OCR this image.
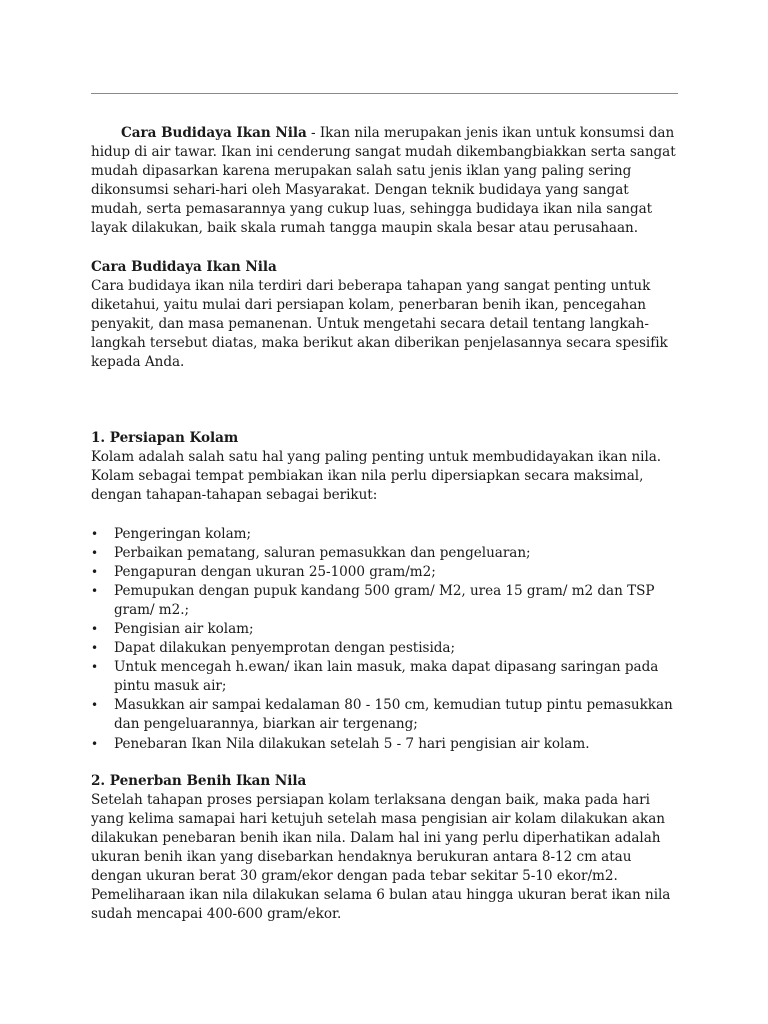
Cara Budidaya Ikan Nila - Ikan nila merupakan jenis ikan untuk konsumsi dan hidup di air tawar. Ikan ini cenderung sangat mudah dikembangbiakkan serta sangat mudah dipasarkan karena merupakan salah satu jenis iklan yang paling sering dikonsumsi sehari-hari oleh Masyarakat. Dengan teknik budidaya yang sangat mudah, serta pemasarannya yang cukup luas, sehingga budidaya ikan nila sangat layak dilakukan, baik skala rumah tangga maupin skala besar atau perusahaan.

Cara Budidaya Ikan Nila

Cara budidaya ikan nila terdiri dari beberapa tahapan yang sangat penting untuk diketahui, yaitu mulai dari persiapan kolam, penerbaran benih ikan, pencegahan penyakit, dan masa pemanenan. Untuk mengetahi secara detail tentang langkah-langkah tersebut diatas, maka berikut akan diberikan penjelasannya secara spesifik kepada Anda.

1. Persiapan Kolam

Kolam adalah salah satu hal yang paling penting untuk membudidayakan ikan nila. Kolam sebagai tempat pembiakan ikan nila perlu dipersiapkan secara maksimal, dengan tahapan-tahapan sebagai berikut:

• Pengeringan kolam;
• Perbaikan pematang, saluran pemasukkan dan pengeluaran;
• Pengapuran dengan ukuran 25-1000 gram/m2;
• Pemupukan dengan pupuk kandang 500 gram/ M2, urea 15 gram/ m2 dan TSP gram/ m2.;
• Pengisian air kolam;
• Dapat dilakukan penyemprotan dengan pestisida;
• Untuk mencegah h.ewan/ ikan lain masuk, maka dapat dipasang saringan pada pintu masuk air;
• Masukkan air sampai kedalaman 80 - 150 cm, kemudian tutup pintu pemasukkan dan pengeluarannya, biarkan air tergenang;
• Penebaran Ikan Nila dilakukan setelah 5 - 7 hari pengisian air kolam.

2. Penerban Benih Ikan Nila

Setelah tahapan proses persiapan kolam terlaksana dengan baik, maka pada hari yang kelima samapai hari ketujuh setelah masa pengisian air kolam dilakukan akan dilakukan penebaran benih ikan nila. Dalam hal ini yang perlu diperhatikan adalah ukuran benih ikan yang disebarkan hendaknya berukuran antara 8-12 cm atau dengan ukuran berat 30 gram/ekor dengan pada tebar sekitar 5-10 ekor/m2. Pemeliharaan ikan nila dilakukan selama 6 bulan atau hingga ukuran berat ikan nila sudah mencapai 400-600 gram/ekor.
